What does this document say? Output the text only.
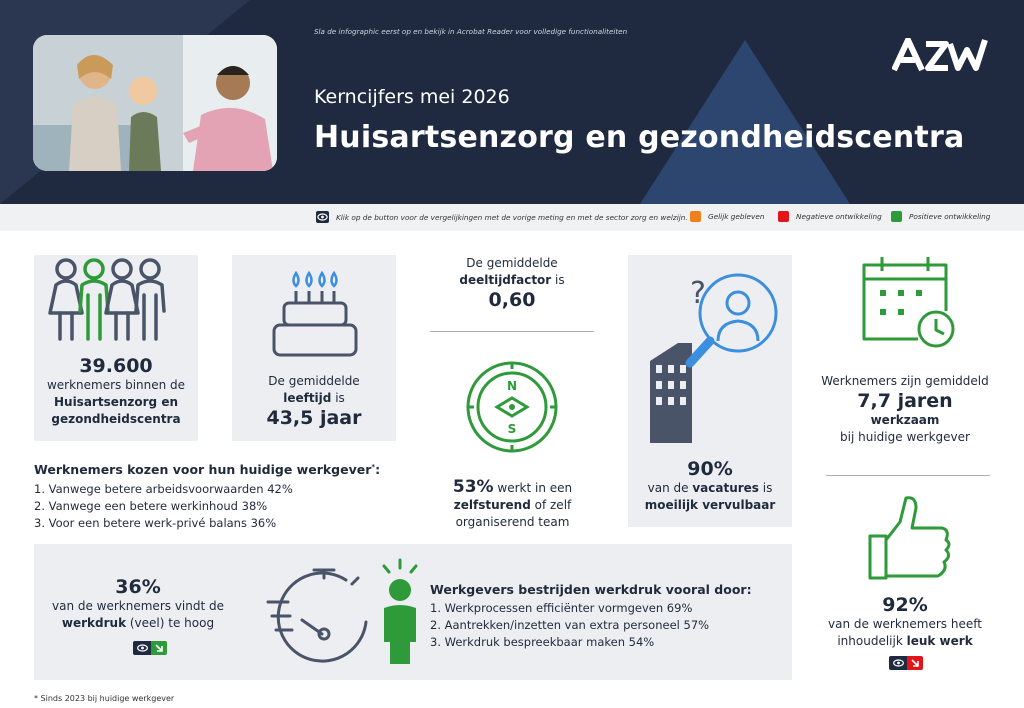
Sla de infographic eerst op en bekijk in Acrobat Reader voor volledige functionaliteiten
Kerncijfers mei 2026
Huisartsenzorg en gezondheidscentra
Klik op de button voor de vergelijkingen met de vorige meting en met de sector zorg en welzijn.	Gelijk gebleven	Negatieve ontwikkeling	Positieve ontwikkeling
39.600
werknemers binnen de
Huisartsenzorg en
gezondheidscentra
De gemiddelde
leeftijd is
43,5 jaar
De gemiddelde
deeltijdfactor is
0,60
N
S
53% werkt in een
zelfsturend of zelf
organiserend team
?
90%
van de vacatures is
moeilijk vervulbaar
Werknemers zijn gemiddeld
7,7 jaren
werkzaam
bij huidige werkgever
92%
van de werknemers heeft
inhoudelijk leuk werk
Werknemers kozen voor hun huidige werkgever*:
1. Vanwege betere arbeidsvoorwaarden 42%
2. Vanwege een betere werkinhoud 38%
3. Voor een betere werk-privé balans 36%
36%
van de werknemers vindt de
werkdruk (veel) te hoog
Werkgevers bestrijden werkdruk vooral door:
1. Werkprocessen efficiënter vormgeven 69%
2. Aantrekken/inzetten van extra personeel 57%
3. Werkdruk bespreekbaar maken 54%
* Sinds 2023 bij huidige werkgever
